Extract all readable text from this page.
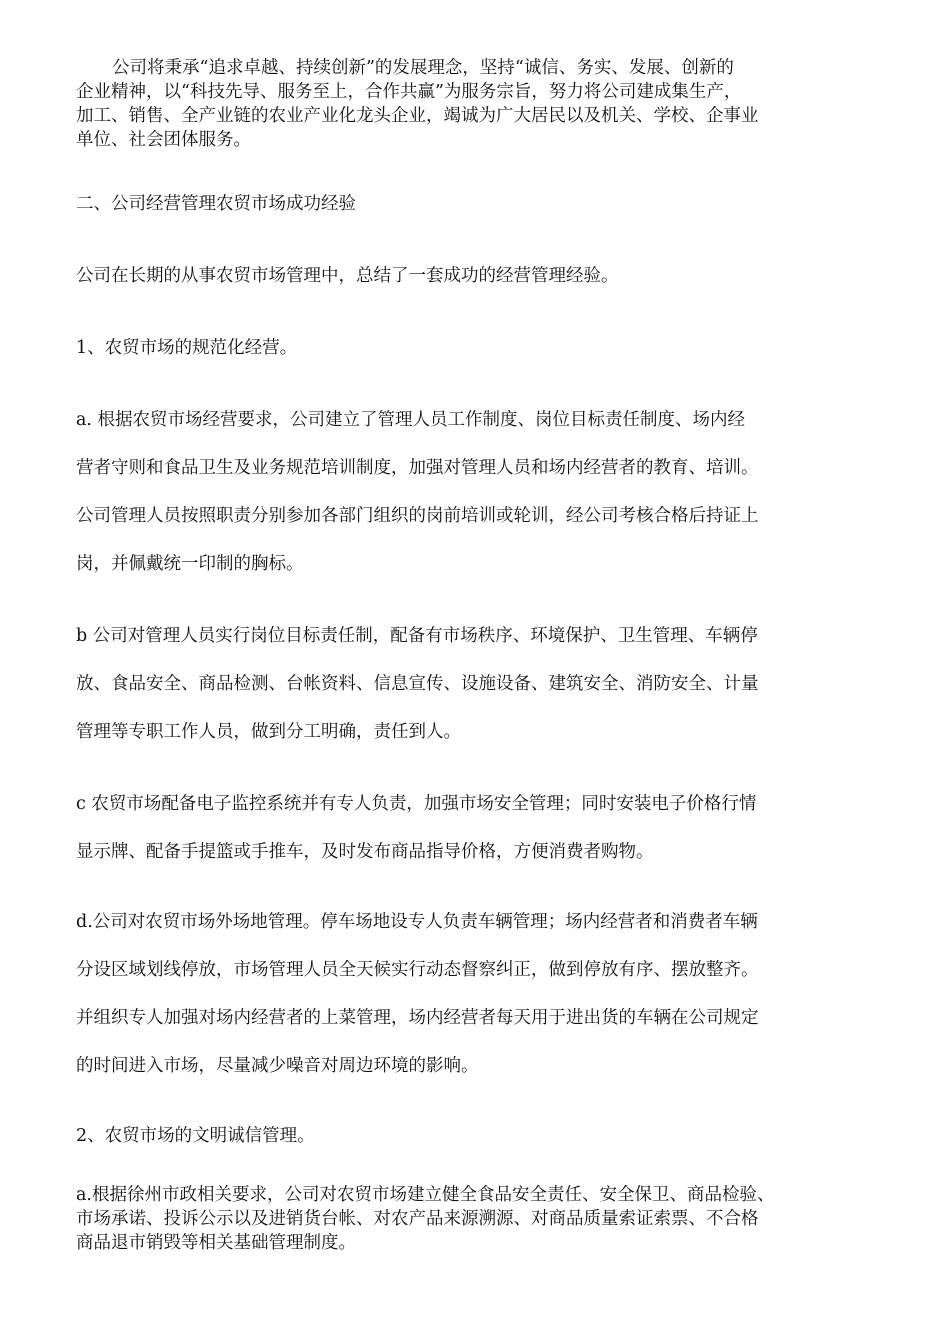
公司将秉承“追求卓越、持续创新”的发展理念，坚持“诚信、务实、发展、创新的
企业精神，以“科技先导、服务至上，合作共赢”为服务宗旨，努力将公司建成集生产，
加工、销售、全产业链的农业产业化龙头企业，竭诚为广大居民以及机关、学校、企事业
单位、社会团体服务。

二、公司经营管理农贸市场成功经验

公司在长期的从事农贸市场管理中，总结了一套成功的经营管理经验。

1、农贸市场的规范化经营。

a. 根据农贸市场经营要求，公司建立了管理人员工作制度、岗位目标责任制度、场内经
营者守则和食品卫生及业务规范培训制度，加强对管理人员和场内经营者的教育、培训。
公司管理人员按照职责分别参加各部门组织的岗前培训或轮训，经公司考核合格后持证上
岗，并佩戴统一印制的胸标。

b 公司对管理人员实行岗位目标责任制，配备有市场秩序、环境保护、卫生管理、车辆停
放、食品安全、商品检测、台帐资料、信息宣传、设施设备、建筑安全、消防安全、计量
管理等专职工作人员，做到分工明确，责任到人。

c 农贸市场配备电子监控系统并有专人负责，加强市场安全管理；同时安装电子价格行情
显示牌、配备手提篮或手推车，及时发布商品指导价格，方便消费者购物。

d.公司对农贸市场外场地管理。停车场地设专人负责车辆管理；场内经营者和消费者车辆
分设区域划线停放，市场管理人员全天候实行动态督察纠正，做到停放有序、摆放整齐。
并组织专人加强对场内经营者的上菜管理，场内经营者每天用于进出货的车辆在公司规定
的时间进入市场，尽量减少噪音对周边环境的影响。

2、农贸市场的文明诚信管理。

a.根据徐州市政相关要求，公司对农贸市场建立健全食品安全责任、安全保卫、商品检验、
市场承诺、投诉公示以及进销货台帐、对农产品来源溯源、对商品质量索证索票、不合格
商品退市销毁等相关基础管理制度。
